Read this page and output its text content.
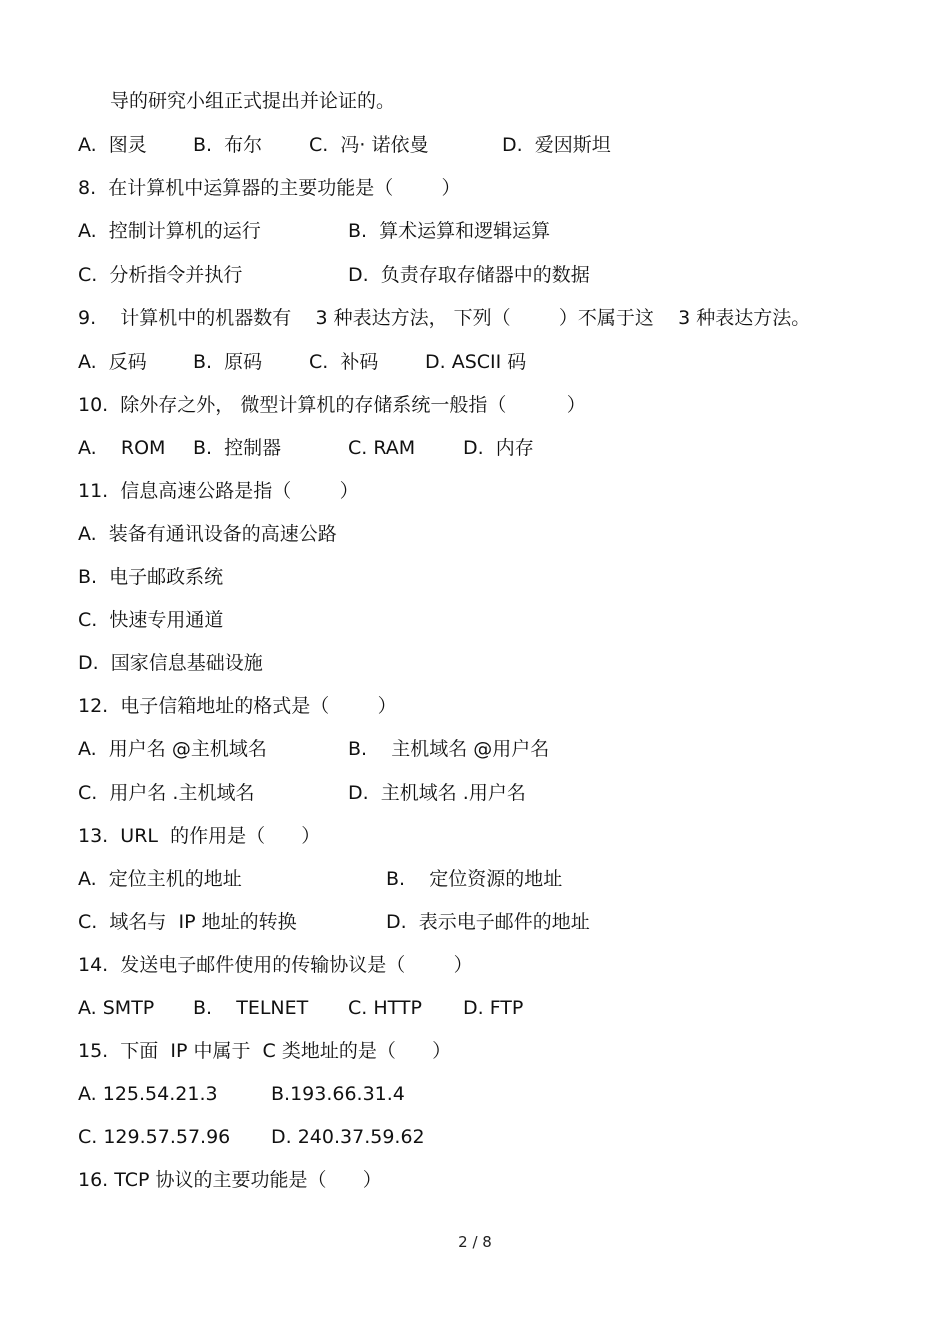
导的研究小组正式提出并论证的。

A.  图灵

B.  布尔

C.  冯· 诺依曼

	D.  爱因斯坦

8.  在计算机中运算器的主要功能是（        ）

A.  控制计算机的运行

	B.  算术运算和逻辑运算

C.  分析指令并执行

	D.  负责存取存储器中的数据

9.    计算机中的机器数有    3 种表达方法， 下列（        ）不属于这    3 种表达方法。

A.  反码

B.  原码

C.  补码

D. ASCII 码

10.  除外存之外， 微型计算机的存储系统一般指（          ）

A.    ROM

B.  控制器

	C. RAM

	D.  内存

11.  信息高速公路是指（        ）
A.  装备有通讯设备的高速公路
B.  电子邮政系统
C.  快速专用通道
D.  国家信息基础设施
12.  电子信箱地址的格式是（        ）

A.  用户名 @主机域名

	B.    主机域名 @用户名

C.  用户名 .主机域名

	D.  主机域名 .用户名

13.  URL  的作用是（      ）

A.  定位主机的地址

	B.    定位资源的地址

C.  域名与  IP 地址的转换

	D.  表示电子邮件的地址

14.  发送电子邮件使用的传输协议是（        ）

A. SMTP

B.    TELNET

C. HTTP

D. FTP

15.  下面  IP 中属于  C 类地址的是（      ）

A. 125.54.21.3

	B.193.66.31.4

C. 129.57.57.96

D. 240.37.59.62

16. TCP 协议的主要功能是（      ）
2 / 8
